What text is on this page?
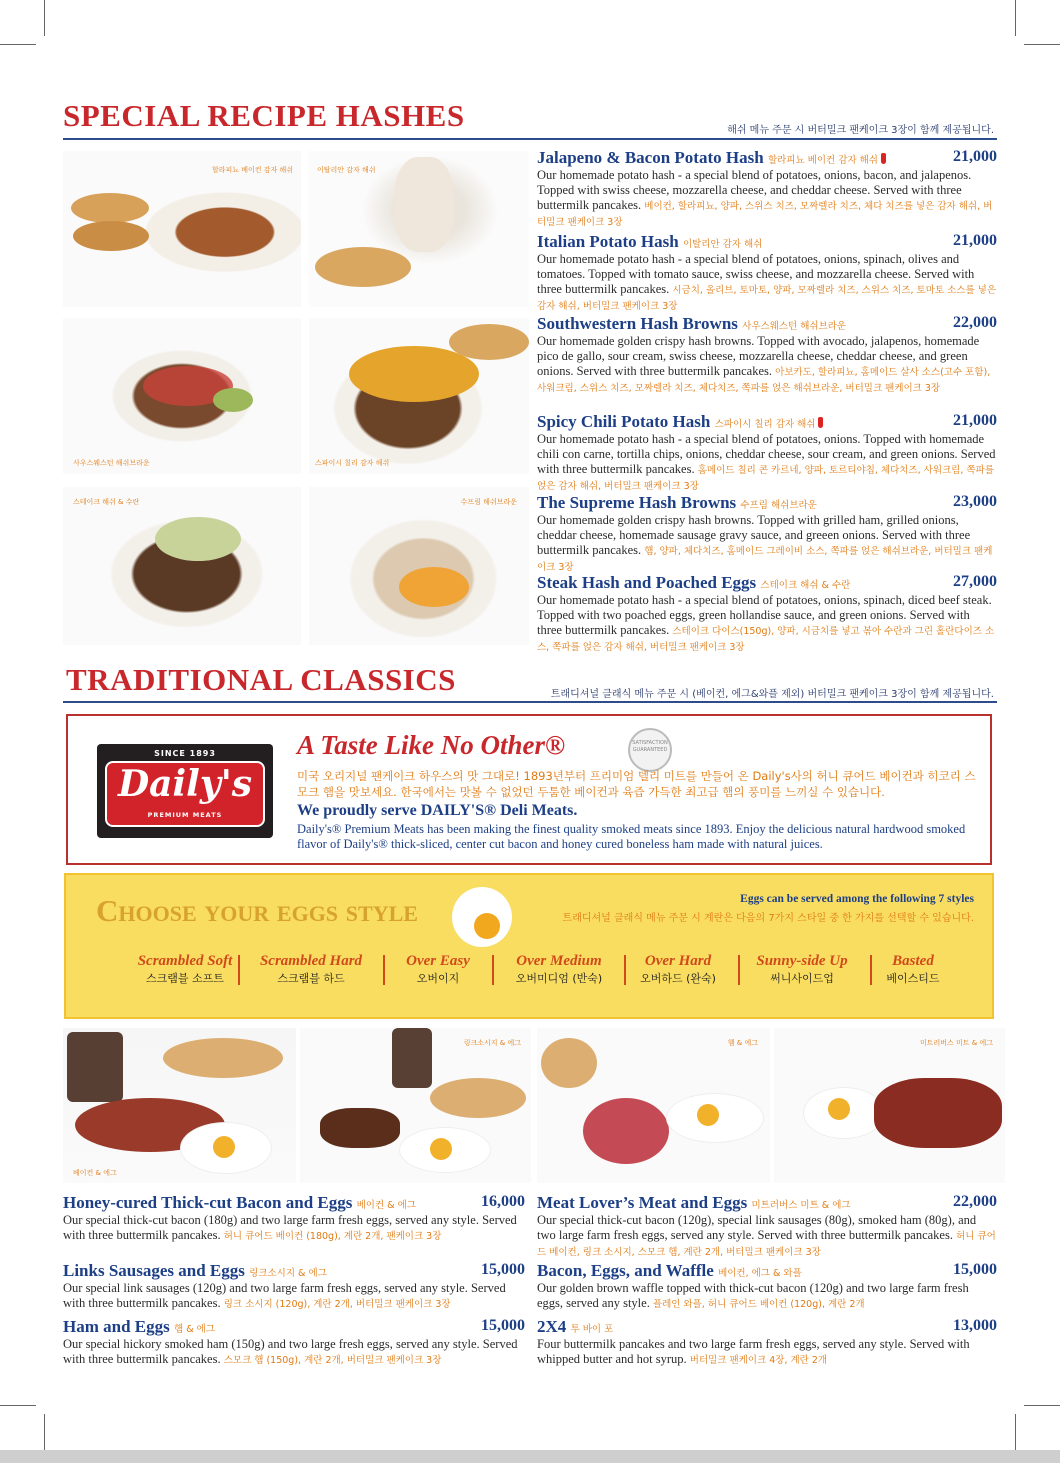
SPECIAL RECIPE HASHES	해쉬 메뉴 주문 시 버터밀크 팬케이크 3장이 함께 제공됩니다.
할라피뇨 베이컨 감자 해쉬	이탈리안 감자 해쉬
사우스웨스턴 해쉬브라운	스파이시 칠리 감자 해쉬
스테이크 해쉬 & 수란	수프림 해쉬브라운
Jalapeno & Bacon Potato Hash 할라피뇨 베이컨 감자 해쉬	21,000
Our homemade potato hash - a special blend of potatoes, onions, bacon, and jalapenos. Topped with swiss cheese, mozzarella cheese, and cheddar cheese. Served with three buttermilk pancakes. 베이컨, 할라피뇨, 양파, 스위스 치즈, 모짜렐라 치즈, 체다 치즈를 넣은 감자 해쉬, 버터밀크 팬케이크 3장
Italian Potato Hash 이탈리안 감자 해쉬	21,000
Our homemade potato hash - a special blend of potatoes, onions, spinach, olives and tomatoes. Topped with tomato sauce, swiss cheese, and mozzarella cheese. Served with three buttermilk pancakes. 시금치, 올리브, 토마토, 양파, 모짜렐라 치즈, 스위스 치즈, 토마토 소스를 넣은 감자 해쉬, 버터밀크 팬케이크 3장
Southwestern Hash Browns 사우스웨스턴 해쉬브라운	22,000
Our homemade golden crispy hash browns. Topped with avocado, jalapenos, homemade pico de gallo, sour cream, swiss cheese, mozzarella cheese, cheddar cheese, and green onions. Served with three buttermilk pancakes. 아보카도, 할라피뇨, 홈메이드 살사 소스(고수 포함), 사워크림, 스위스 치즈, 모짜렐라 치즈, 체다치즈, 쪽파를 얹은 해쉬브라운, 버터밀크 팬케이크 3장
Spicy Chili Potato Hash 스파이시 칠리 감자 해쉬	21,000
Our homemade potato hash - a special blend of potatoes, onions. Topped with homemade chili con carne, tortilla chips, onions, cheddar cheese, sour cream, and green onions. Served with three buttermilk pancakes. 홈메이드 칠리 콘 카르네, 양파, 토르티야칩, 체다치즈, 사워크림, 쪽파를 얹은 감자 해쉬, 버터밀크 팬케이크 3장
The Supreme Hash Browns 수프림 해쉬브라운	23,000
Our homemade golden crispy hash browns. Topped with grilled ham, grilled onions, cheddar cheese, homemade sausage gravy sauce, and greeen onions. Served with three buttermilk pancakes. 햄, 양파, 체다치즈, 홈메이드 그레이비 소스, 쪽파를 얹은 해쉬브라운, 버터밀크 팬케이크 3장
Steak Hash and Poached Eggs 스테이크 해쉬 & 수란	27,000
Our homemade potato hash - a special blend of potatoes, onions, spinach, diced beef steak. Topped with two poached eggs, green hollandise sauce, and green onions. Served with three buttermilk pancakes. 스테이크 다이스(150g), 양파, 시금치를 넣고 볶아 수란과 그린 홀란다이즈 소스, 쪽파를 얹은 감자 해쉬, 버터밀크 팬케이크 3장
TRADITIONAL CLASSICS	트래디셔널 클래식 메뉴 주문 시 (베이컨, 에그&와플 제외) 버터밀크 팬케이크 3장이 함께 제공됩니다.
SINCE 1893
Daily's
PREMIUM MEATS
SATISFACTION GUARANTEED
A Taste Like No Other®
미국 오리지널 팬케이크 하우스의 맛 그대로! 1893년부터 프리미엄 델리 미트를 만들어 온 Daily's사의 허니 큐어드 베이컨과 히코리 스모크 햄을 맛보세요. 한국에서는 맛볼 수 없었던 두툼한 베이컨과 육즙 가득한 최고급 햄의 풍미를 느끼실 수 있습니다.
We proudly serve DAILY'S® Deli Meats.
Daily's® Premium Meats has been making the finest quality smoked meats since 1893. Enjoy the delicious natural hardwood smoked flavor of Daily's® thick-sliced, center cut bacon and honey cured boneless ham made with natural juices.
Choose your eggs style	Eggs can be served among the following 7 styles
트래디셔널 클래식 메뉴 주문 시 계란은 다음의 7가지 스타일 중 한 가지를 선택할 수 있습니다.
Scrambled Soft
스크램블 소프트
Scrambled Hard
스크램블 하드
Over Easy
오버이지
Over Medium
오버미디엄 (반숙)
Over Hard
오버하드 (완숙)
Sunny-side Up
써니사이드업
Basted
베이스티드
베이컨 & 에그
링크소시지 & 에그	햄 & 에그	미트러버스 미트 & 에그
Honey-cured Thick-cut Bacon and Eggs 베이컨 & 에그	16,000
Our special thick-cut bacon (180g) and two large farm fresh eggs, served any style. Served with three buttermilk pancakes. 허니 큐어드 베이컨 (180g), 계란 2개, 팬케이크 3장
Links Sausages and Eggs 링크소시지 & 에그	15,000
Our special link sausages (120g) and two large farm fresh eggs, served any style. Served with three buttermilk pancakes. 링크 소시지 (120g), 계란 2개, 버터밀크 팬케이크 3장
Ham and Eggs 햄 & 에그	15,000
Our special hickory smoked ham (150g) and two large fresh eggs, served any style. Served with three buttermilk pancakes. 스모크 햄 (150g), 계란 2개, 버터밀크 팬케이크 3장
Meat Lover’s Meat and Eggs 미트러버스 미트 & 에그	22,000
Our special thick-cut bacon (120g), special link sausages (80g), smoked ham (80g), and two large farm fresh eggs, served any style. Served with three buttermilk pancakes. 허니 큐어드 베이컨, 링크 소시지, 스모크 햄, 계란 2개, 버터밀크 팬케이크 3장
Bacon, Eggs, and Waffle 베이컨, 에그 & 와플	15,000
Our golden brown waffle topped with thick-cut bacon (120g) and two large farm fresh eggs, served any style. 플레인 와플, 허니 큐어드 베이컨 (120g), 계란 2개
2X4 투 바이 포	13,000
Four buttermilk pancakes and two large farm fresh eggs, served any style. Served with whipped butter and hot syrup. 버터밀크 팬케이크 4장, 계란 2개
